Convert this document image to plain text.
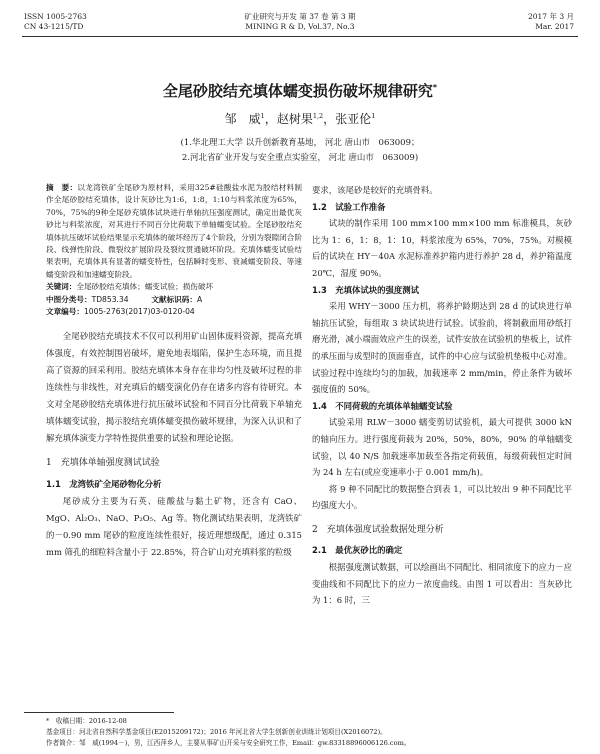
ISSN 1005-2763
CN 43-1215/TD
矿业研究与开发 第 37 卷 第 3 期
MINING R & D, Vol.37, No.3
2017 年 3 月
Mar. 2017
全尾砂胶结充填体蠕变损伤破坏规律研究*
邹　威$^1$，赵树果$^{1,2}$，张亚伦$^1$
(1.华北理工大学 以升创新教育基地， 河北 唐山市　063009；
2.河北省矿业开发与安全重点实验室， 河北 唐山市　063009)
摘　要：以龙湾铁矿全尾砂为原材料，采用325#硅酸盐水泥为胶结材料制作全尾砂胶结充填体，设计灰砂比为1:6，1:8，1:10与料浆浓度为65%，70%，75%的9种全尾砂充填体试块进行单轴抗压强度测试，确定出最优灰砂比与料浆浓度，对其进行不同百分比荷载下单轴蠕变试验。全尾砂胶结充填体抗压破坏试验结果显示充填体的破坏经历了4个阶段，分别为裂隙闭合阶段、线弹性阶段、微裂纹扩展阶段及裂纹贯通破坏阶段。充填体蠕变试验结果表明，充填体具有显著的蠕变特性，包括瞬时变形、衰减蠕变阶段、等速蠕变阶段和加速蠕变阶段。
关键词：全尾砂胶结充填体；蠕变试验；损伤破坏
中图分类号：TD853.34　　　	文献标识码：A
文章编号：1005-2763(2017)03-0120-04

全尾砂胶结充填技术不仅可以利用矿山固体废料资源，提高充填体强度，有效控制围岩破坏，避免地表塌陷，保护生态环境，而且提高了资源的回采利用。胶结充填体本身存在非均匀性及破坏过程的非连续性与非线性，对充填后的蠕变演化仍存在诸多内容有待研究。本文对全尾砂胶结充填体进行抗压破坏试验和不同百分比荷载下单轴充填体蠕变试验，揭示胶结充填体蠕变损伤破坏规律，为深入认识和了解充填体演变力学特性提供重要的试验和理论论据。

1　充填体单轴强度测试试验
1.1　龙湾铁矿全尾砂物化分析

尾砂成分主要为石英、硅酸盐与黏土矿物，还含有 CaO、MgO、Al₂O₃、NaO、P₂O₅、Ag 等。物化测试结果表明，龙湾铁矿的－0.90 mm 尾砂的粒度连续性很好，接近理想级配，通过 0.315 mm 筛孔的细粒料含量小于 22.85%，符合矿山对充填料浆的粒级

要求，该尾砂是较好的充填骨料。

1.2　试验工作准备

试块的制作采用 100 mm×100 mm×100 mm 标准模具，灰砂比为 1：6，1：8，1：10，料浆浓度为 65%，70%，75%。对模模后的试块在 HY－40A 水泥标准养护箱内进行养护 28 d，养护箱温度 20℃，湿度 90%。

1.3　充填体试块的强度测试

采用 WHY－3000 压力机，将养护龄期达到 28 d 的试块进行单轴抗压试验，每组取 3 块试块进行试验。试验前，将制截面用砂纸打磨光滑，减小端面效应产生的误差，试件安放在试验机的垫板上，试件的承压面与成型时的顶面垂直，试件的中心应与试验机垫板中心对准。试验过程中连续均匀的加载，加载速率 2 mm/min，停止条件为破坏强度值的 50%。

1.4　不同荷载的充填体单轴蠕变试验

试验采用 RLW－3000 蠕变剪切试验机，最大可提供 3000 kN 的轴向压力。进行强度荷载为 20%，50%，80%，90% 的单轴蠕变试验，以 40 N/S 加载速率加载至各指定荷载值，每级荷载恒定时间为 24 h 左右(或应变速率小于 0.001 mm/h)。

将 9 种不同配比的数据整合到表 1，可以比较出 9 种不同配比平均强度大小。

2　充填体强度试验数据处理分析
2.1　最优灰砂比的确定

根据强度测试数据，可以绘画出不同配比、相同浓度下的应力－应变曲线和不同配比下的应力－浓度曲线。由图 1 可以看出：当灰砂比为 1：6 时，三

*　收稿日期：2016-12-08
基金项目：河北省自然科学基金项目(E2015209172)；2016 年河北省大学生创新创业训练计划项目(X2016072)。
作者简介：邹　威(1994－)，男，江西萍乡人，主要从事矿山开采与安全研究工作，Email：gw.83318896006126.com。
